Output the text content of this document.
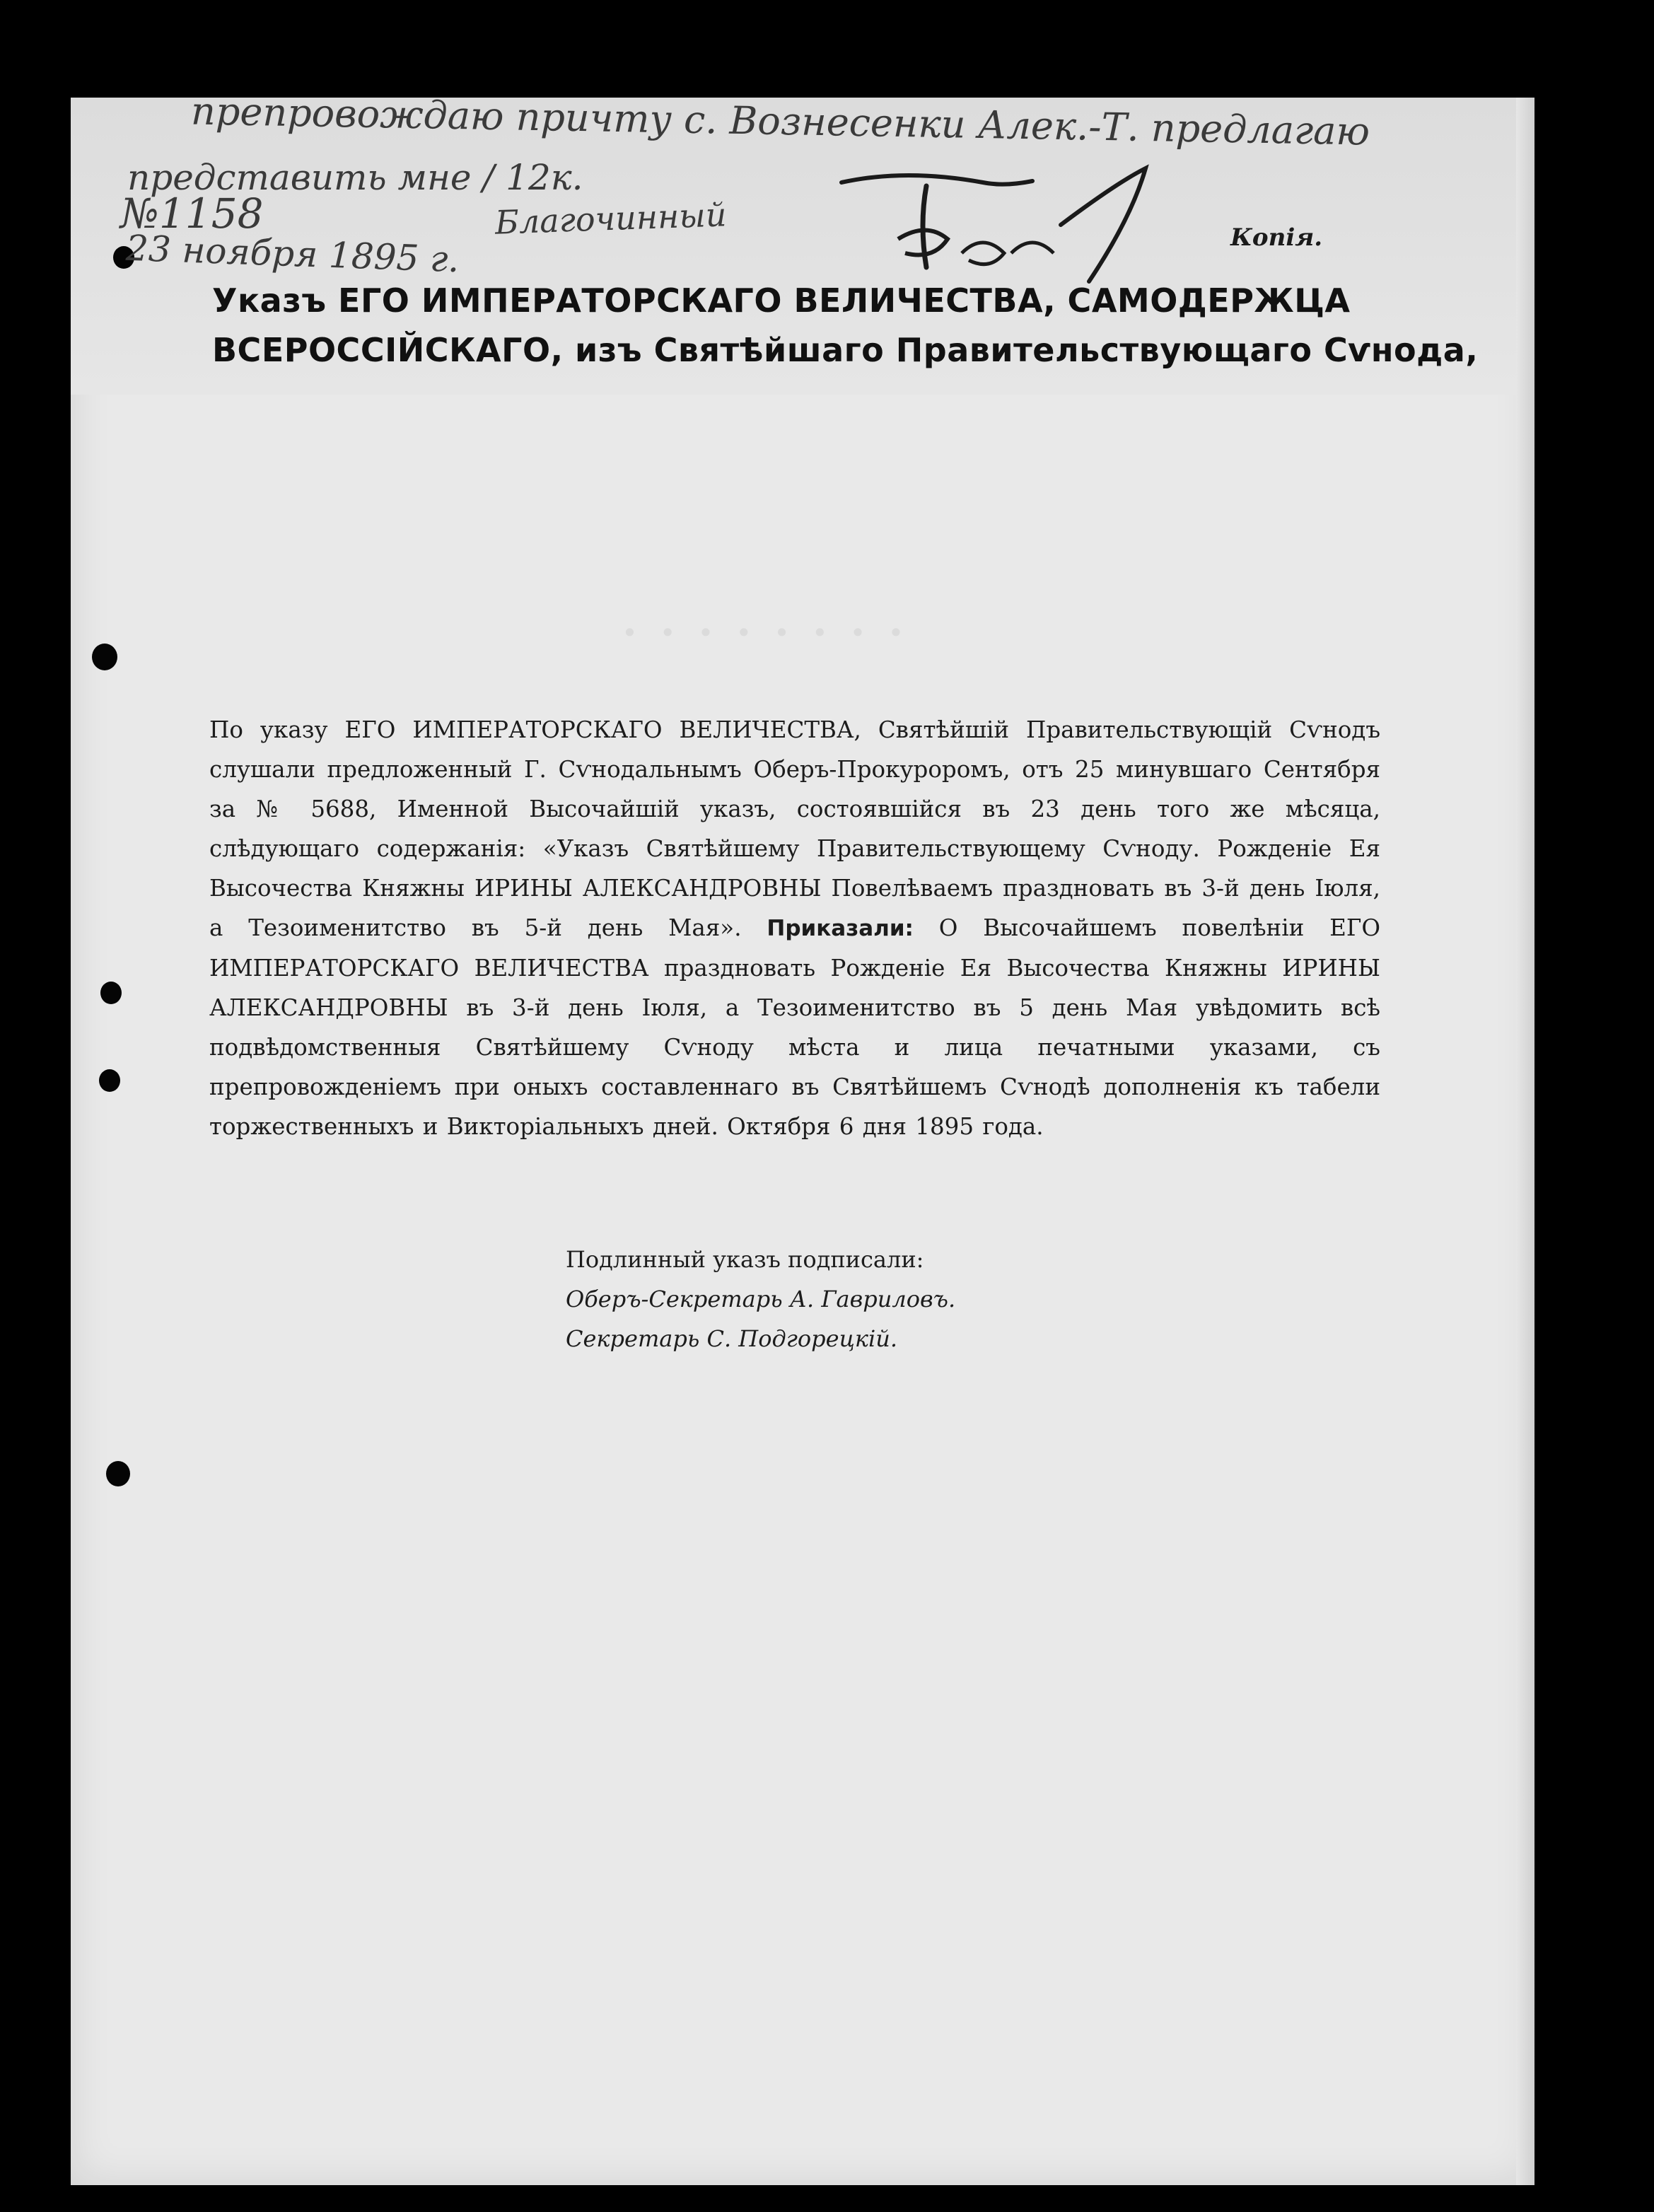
препровождаю причту с. Вознесенки Алек.-Т. предлагаю
представить мне / 12к.
№1158	Благочинный
23 ноября 1895 г.	Копія.
Указъ ЕГО ИМПЕРАТОРСКАГО ВЕЛИЧЕСТВА, САМОДЕРЖЦА
ВСЕРОССІЙСКАГО, изъ Святѣйшаго Правительствующаго Сѵнода,
· · · · · · · ·
По указу ЕГО ИМПЕРАТОРСКАГО ВЕЛИЧЕСТВА, Святѣйшій Правительствующій Сѵнодъ слушали предложенный Г. Сѵнодальнымъ Оберъ-Прокуроромъ, отъ 25 минувшаго Сентября за № 5688, Именной Высочайшій указъ, состоявшійся въ 23 день того же мѣсяца, слѣдующаго содержанія: «Указъ Святѣйшему Правительствующему Сѵноду. Рожденіе Ея Высочества Княжны ИРИНЫ АЛЕКСАНДРОВНЫ Повелѣваемъ праздновать въ 3-й день Іюля, а Тезоименитство въ 5-й день Мая». Приказали: О Высочайшемъ повелѣніи ЕГО ИМПЕРАТОРСКАГО ВЕЛИЧЕСТВА праздновать Рожденіе Ея Высочества Княжны ИРИНЫ АЛЕКСАНДРОВНЫ въ 3-й день Іюля, а Тезоименитство въ 5 день Мая увѣдомить всѣ подвѣдомственныя Святѣйшему Сѵноду мѣста и лица печатными указами, съ препровожденіемъ при оныхъ составленнаго въ Святѣйшемъ Сѵнодѣ дополненія къ табели торжественныхъ и Викторіальныхъ дней. Октября 6 дня 1895 года.
Подлинный указъ подписали:
Оберъ-Секретарь А. Гавриловъ.
Секретарь С. Подгорецкій.
